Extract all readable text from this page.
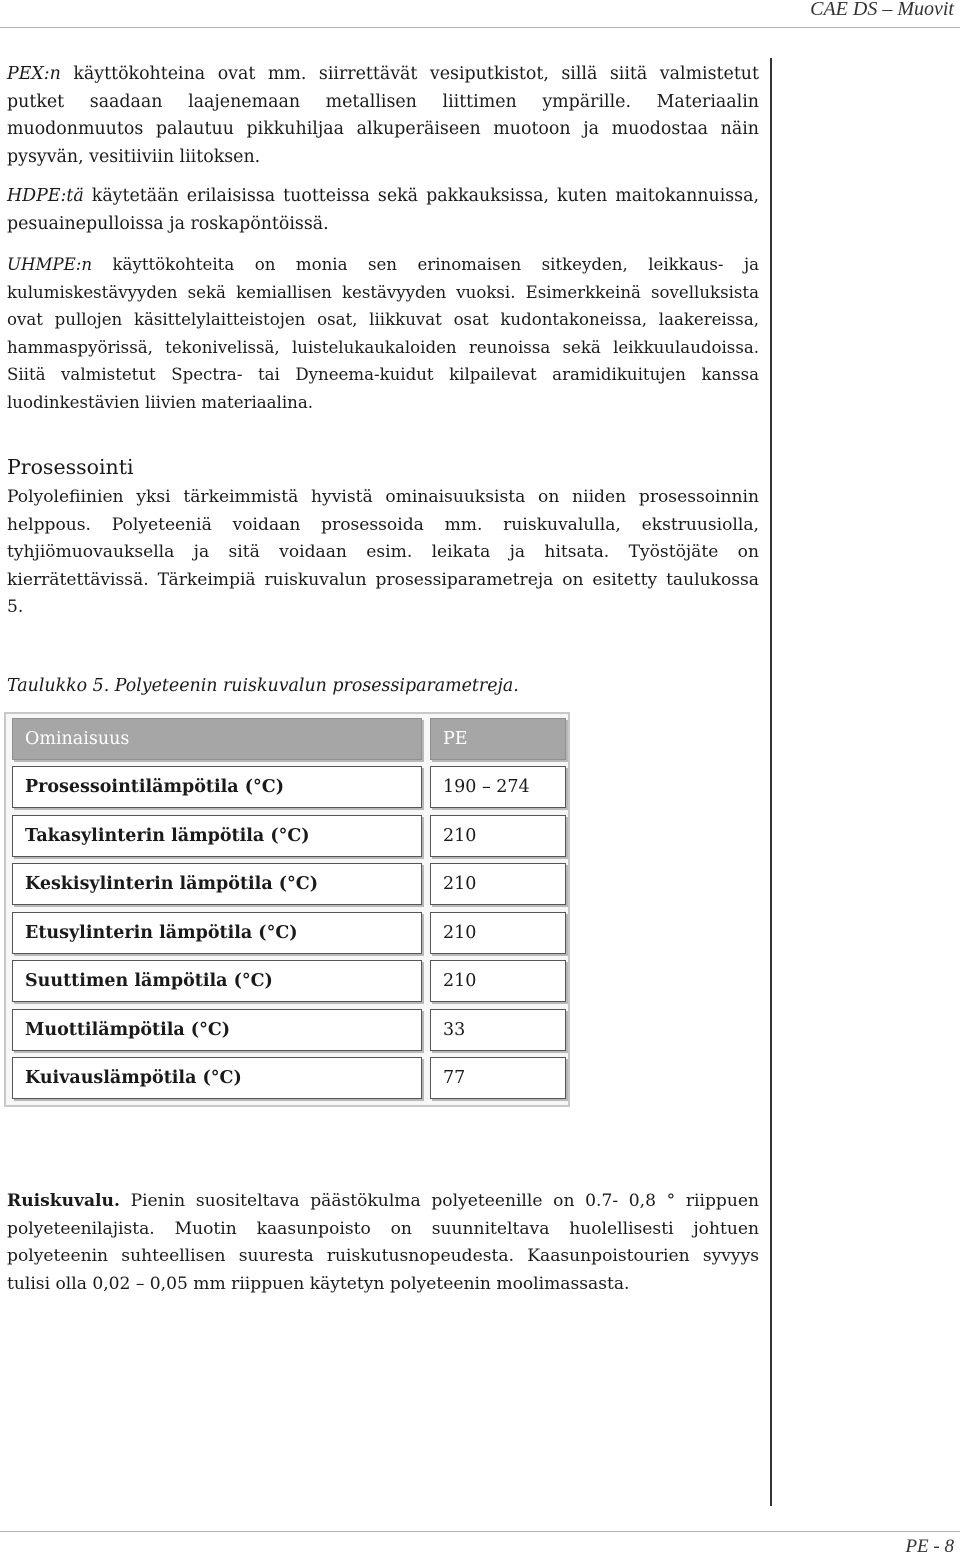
CAE DS – Muovit

PEX:n käyttökohteina ovat mm. siirrettävät vesiputkistot, sillä siitä valmistetut putket saadaan laajenemaan metallisen liittimen ympärille. Materiaalin muodonmuutos palautuu pikkuhiljaa alkuperäiseen muotoon ja muodostaa näin pysyvän, vesitiiviin liitoksen.

HDPE:tä käytetään erilaisissa tuotteissa sekä pakkauksissa, kuten maitokannuissa, pesuainepulloissa ja roskapöntöissä.

UHMPE:n käyttökohteita on monia sen erinomaisen sitkeyden, leikkaus- ja kulumiskestävyyden sekä kemiallisen kestävyyden vuoksi. Esimerkkeinä sovelluksista ovat pullojen käsittelylaitteistojen osat, liikkuvat osat kudontakoneissa, laakereissa, hammaspyörissä, tekonivelissä, luistelukaukaloiden reunoissa sekä leikkuulaudoissa. Siitä valmistetut Spectra- tai Dyneema-kuidut kilpailevat aramidikuitujen kanssa luodinkestävien liivien materiaalina.

Prosessointi

Polyolefiinien yksi tärkeimmistä hyvistä ominaisuuksista on niiden prosessoinnin helppous. Polyeteeniä voidaan prosessoida mm. ruiskuvalulla, ekstruusiolla, tyhjiömuovauksella ja sitä voidaan esim. leikata ja hitsata. Työstöjäte on kierrätettävissä. Tärkeimpiä ruiskuvalun prosessiparametreja on esitetty taulukossa 5.

Taulukko 5. Polyeteenin ruiskuvalun prosessiparametreja.

Ominaisuus	PE
Prosessointilämpötila (°C)	190 – 274
Takasylinterin lämpötila (°C)	210
Keskisylinterin lämpötila (°C)	210
Etusylinterin lämpötila (°C)	210
Suuttimen lämpötila (°C)	210
Muottilämpötila (°C)	33
Kuivauslämpötila (°C)	77

Ruiskuvalu. Pienin suositeltava päästökulma polyeteenille on 0.7- 0,8 ° riippuen polyeteenilajista. Muotin kaasunpoisto on suunniteltava huolellisesti johtuen polyeteenin suhteellisen suuresta ruiskutusnopeudesta. Kaasunpoistourien syvyys tulisi olla 0,02 – 0,05 mm riippuen käytetyn polyeteenin moolimassasta.

PE - 8
